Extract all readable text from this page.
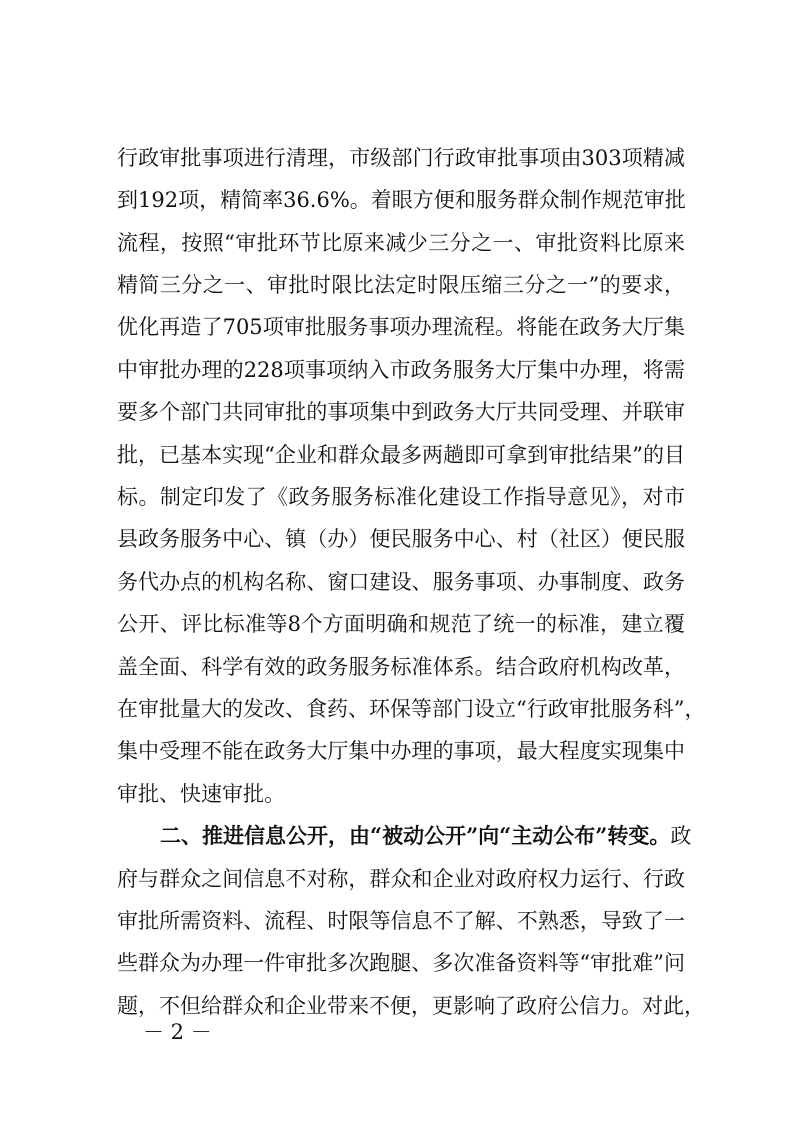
行政审批事项进行清理，市级部门行政审批事项由303项精减
到192项，精简率36.6%。着眼方便和服务群众制作规范审批
流程，按照“审批环节比原来减少三分之一、审批资料比原来
精简三分之一、审批时限比法定时限压缩三分之一”的要求，
优化再造了705项审批服务事项办理流程。将能在政务大厅集
中审批办理的228项事项纳入市政务服务大厅集中办理，将需
要多个部门共同审批的事项集中到政务大厅共同受理、并联审
批，已基本实现“企业和群众最多两趟即可拿到审批结果”的目
标。制定印发了《政务服务标准化建设工作指导意见》，对市
县政务服务中心、镇（办）便民服务中心、村（社区）便民服
务代办点的机构名称、窗口建设、服务事项、办事制度、政务
公开、评比标准等8个方面明确和规范了统一的标准，建立覆
盖全面、科学有效的政务服务标准体系。结合政府机构改革，
在审批量大的发改、食药、环保等部门设立“行政审批服务科”，
集中受理不能在政务大厅集中办理的事项，最大程度实现集中
审批、快速审批。
二、推进信息公开，由“被动公开”向“主动公布”转变。政
府与群众之间信息不对称，群众和企业对政府权力运行、行政
审批所需资料、流程、时限等信息不了解、不熟悉，导致了一
些群众为办理一件审批多次跑腿、多次准备资料等“审批难”问
题，不但给群众和企业带来不便，更影响了政府公信力。对此，
－ 2 －
